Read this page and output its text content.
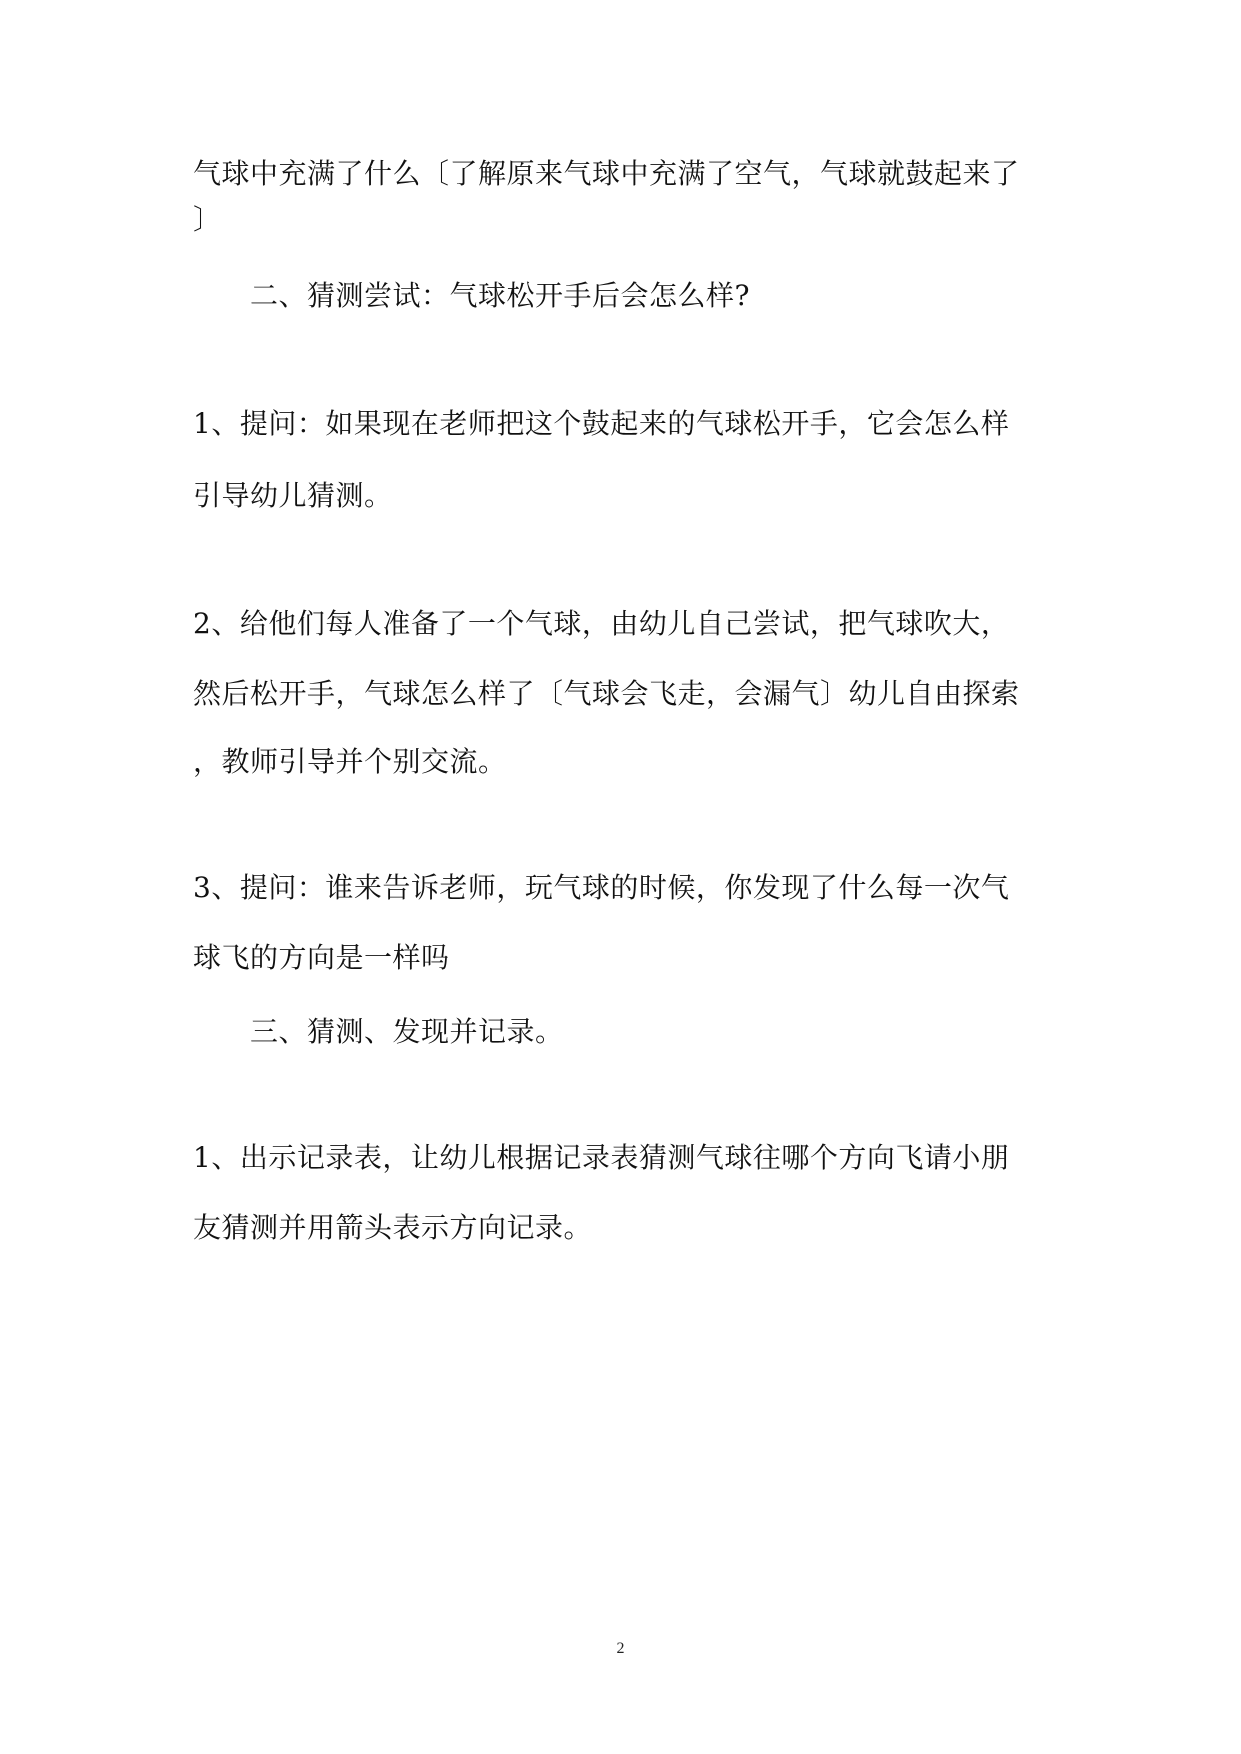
气球中充满了什么〔了解原来气球中充满了空气，气球就鼓起来了
〕
二、猜测尝试：气球松开手后会怎么样?
1、提问：如果现在老师把这个鼓起来的气球松开手，它会怎么样
引导幼儿猜测。
2、给他们每人准备了一个气球，由幼儿自己尝试，把气球吹大，
然后松开手，气球怎么样了〔气球会飞走，会漏气〕幼儿自由探索
，教师引导并个别交流。
3、提问：谁来告诉老师，玩气球的时候，你发现了什么每一次气
球飞的方向是一样吗
三、猜测、发现并记录。
1、出示记录表，让幼儿根据记录表猜测气球往哪个方向飞请小朋
友猜测并用箭头表示方向记录。
2
